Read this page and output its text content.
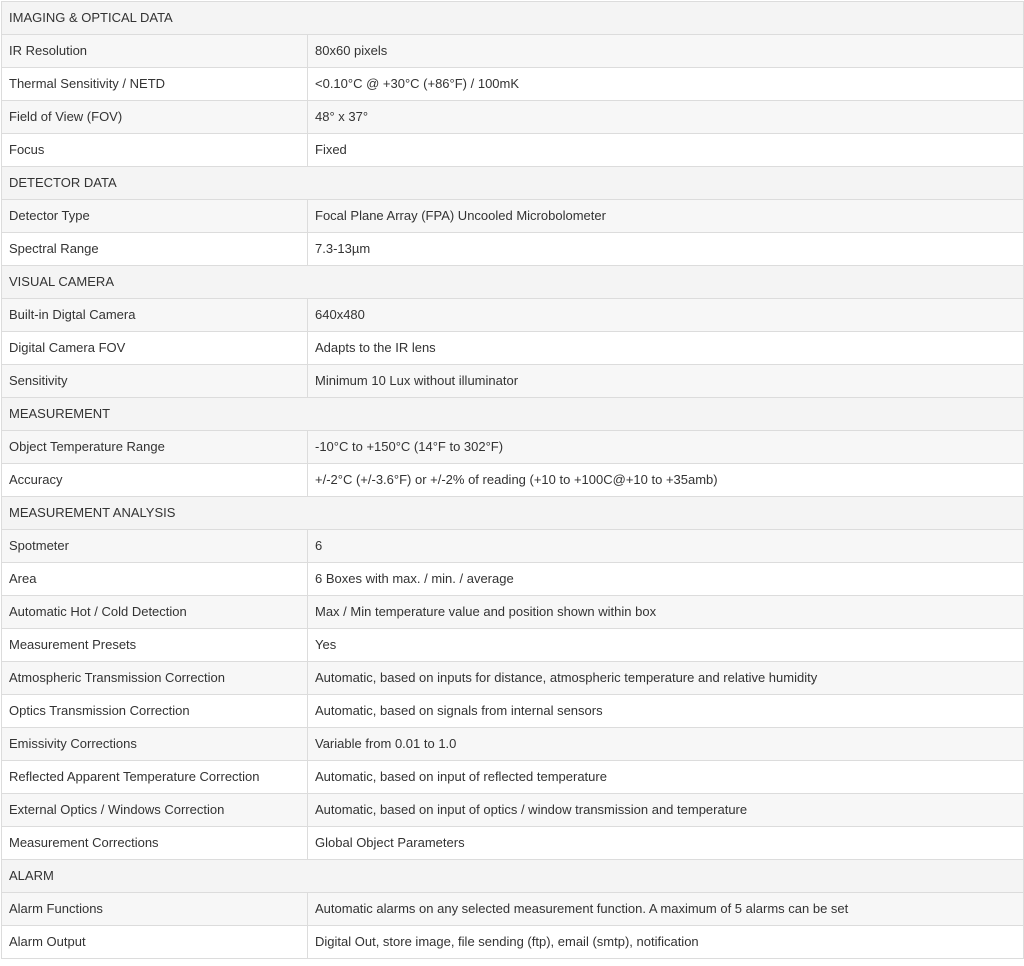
IMAGING & OPTICAL DATA	
IR Resolution	80x60 pixels
Thermal Sensitivity / NETD	<0.10°C @ +30°C (+86°F) / 100mK
Field of View (FOV)	48° x 37°
Focus	Fixed
DETECTOR DATA	
Detector Type	Focal Plane Array (FPA) Uncooled Microbolometer
Spectral Range	7.3-13µm
VISUAL CAMERA	
Built-in Digtal Camera	640x480
Digital Camera FOV	Adapts to the IR lens
Sensitivity	Minimum 10 Lux without illuminator
MEASUREMENT	
Object Temperature Range	-10°C to +150°C (14°F to 302°F)
Accuracy	+/-2°C (+/-3.6°F) or +/-2% of reading (+10 to +100C@+10 to +35amb)
MEASUREMENT ANALYSIS	
Spotmeter	6
Area	6 Boxes with max. / min. / average
Automatic Hot / Cold Detection	Max / Min temperature value and position shown within box
Measurement Presets	Yes
Atmospheric Transmission Correction	Automatic, based on inputs for distance, atmospheric temperature and relative humidity
Optics Transmission Correction	Automatic, based on signals from internal sensors
Emissivity Corrections	Variable from 0.01 to 1.0
Reflected Apparent Temperature Correction	Automatic, based on input of reflected temperature
External Optics / Windows Correction	Automatic, based on input of optics / window transmission and temperature
Measurement Corrections	Global Object Parameters
ALARM	
Alarm Functions	Automatic alarms on any selected measurement function. A maximum of 5 alarms can be set
Alarm Output	Digital Out, store image, file sending (ftp), email (smtp), notification
